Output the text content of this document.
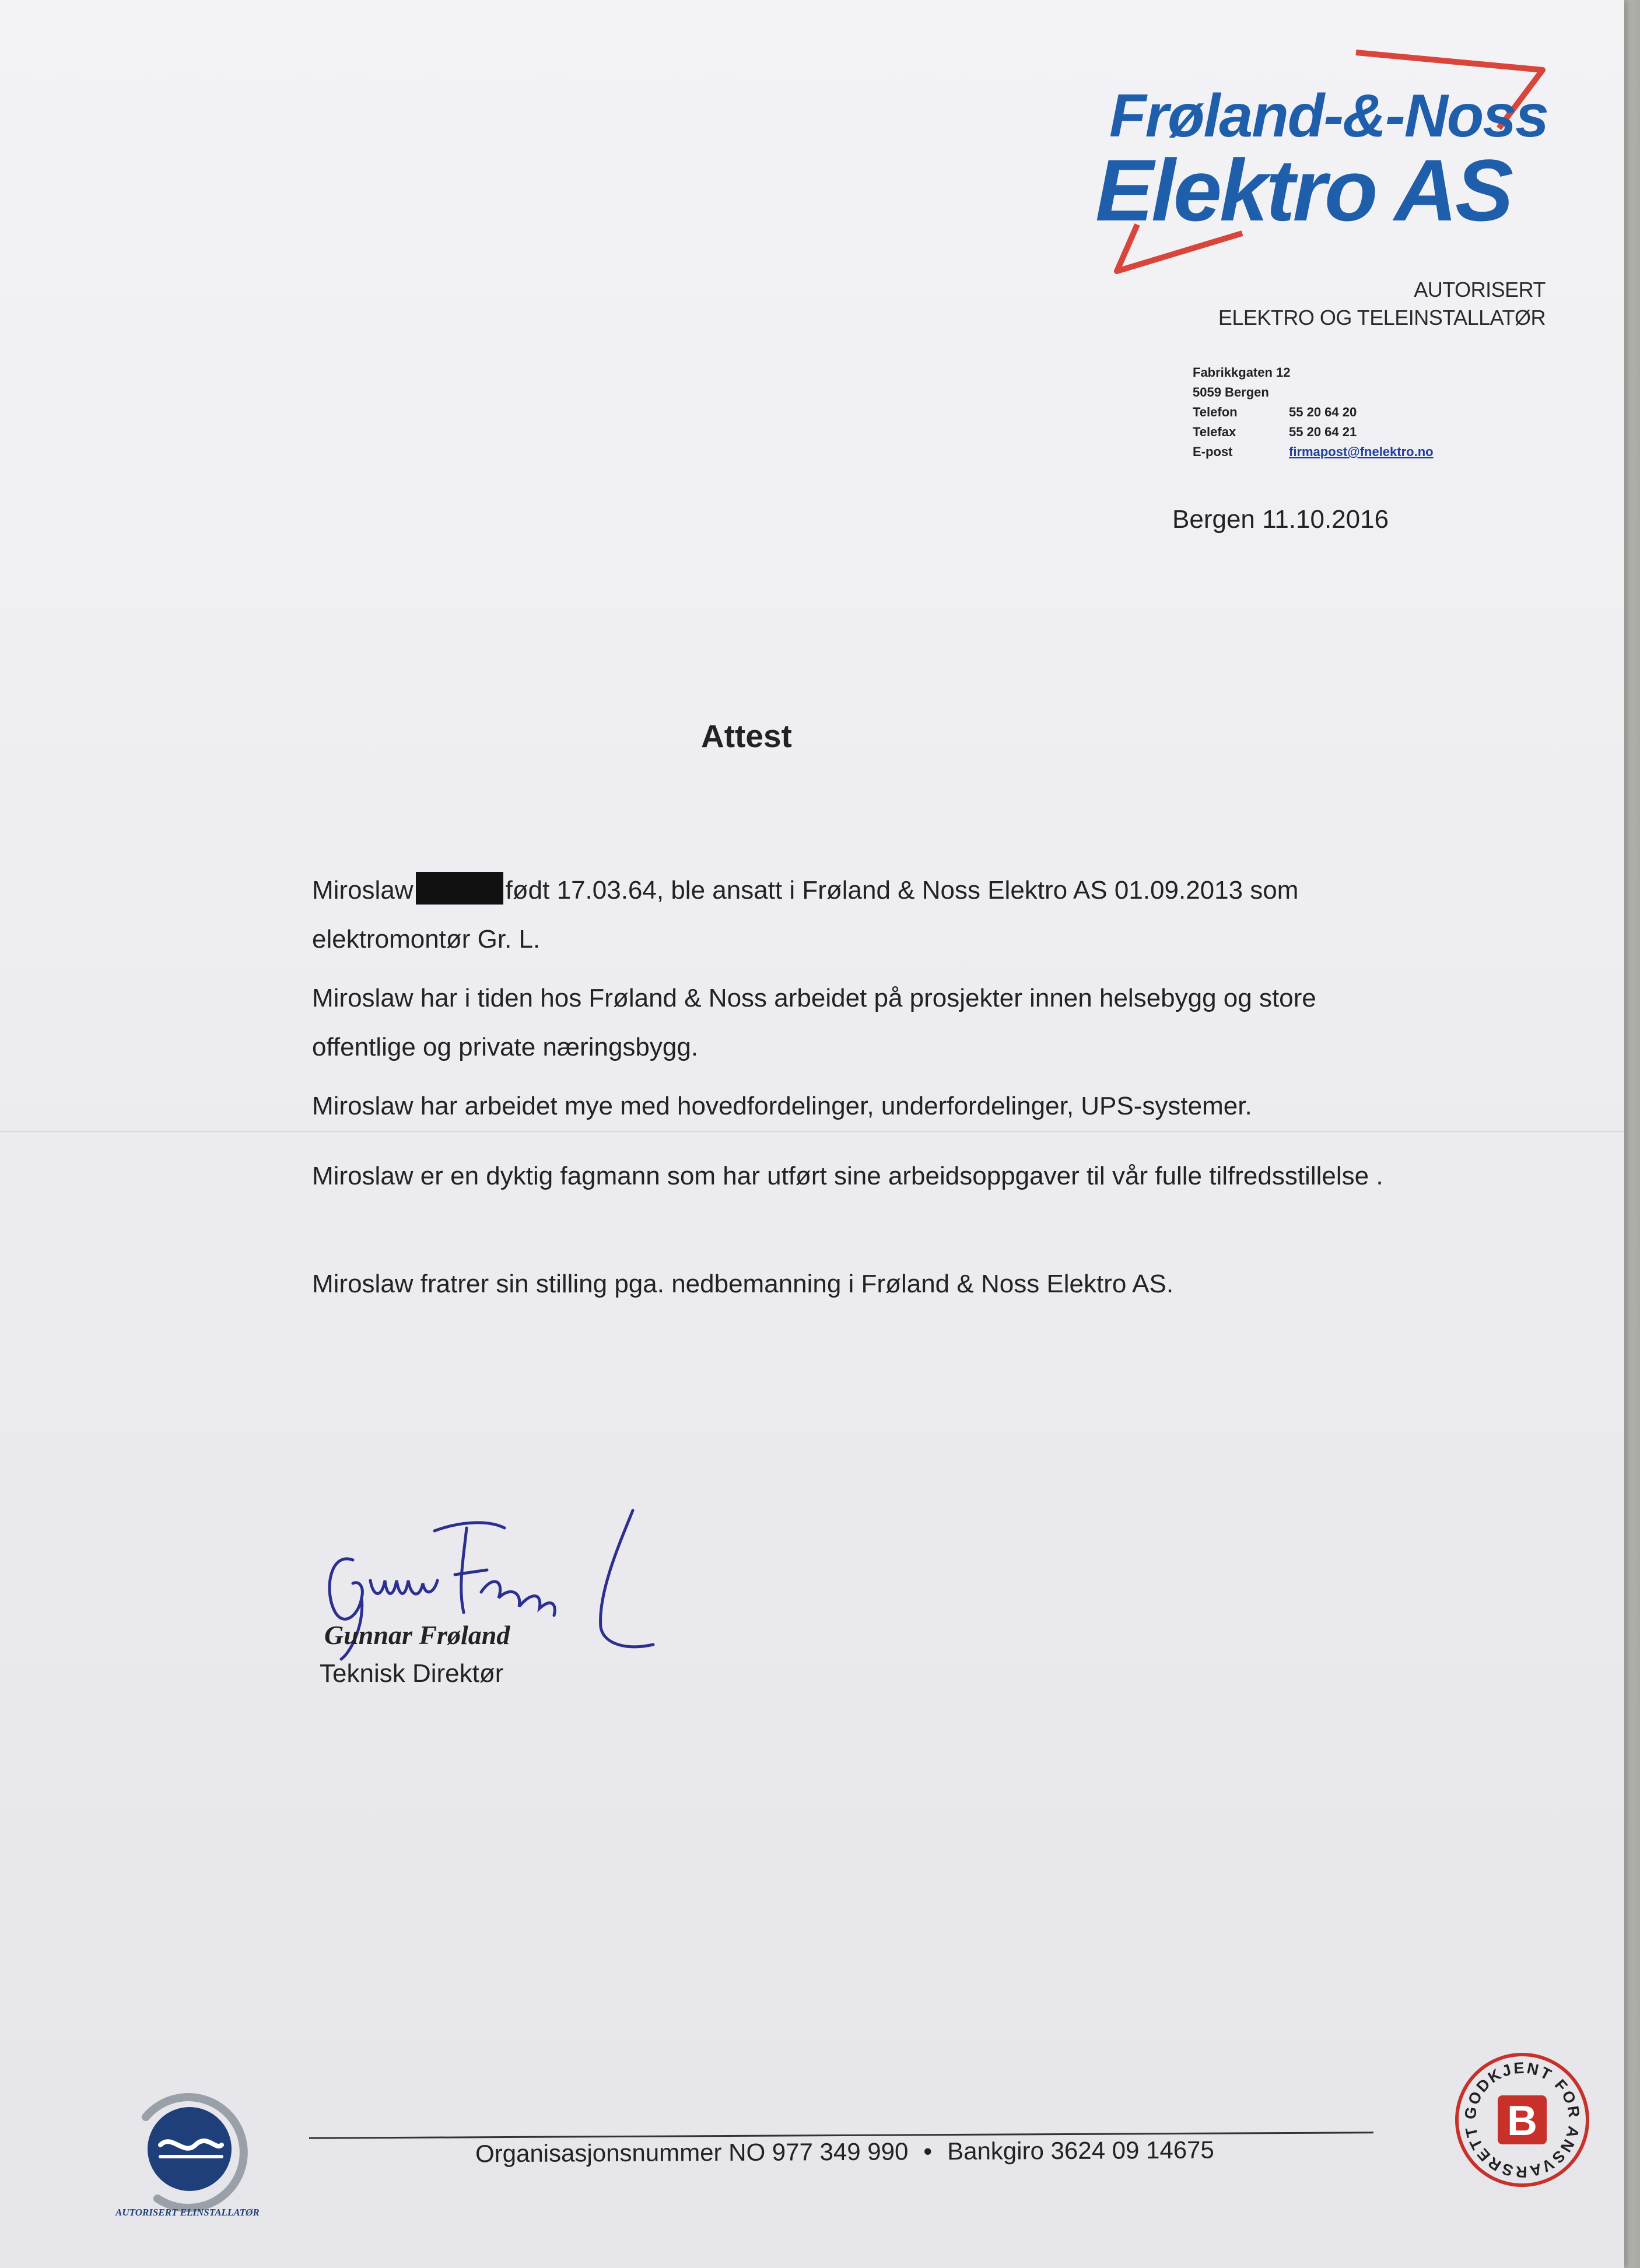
Frøland-&-Noss

Elektro AS

AUTORISERT

ELEKTRO OG TELEINSTALLATØR

Fabrikkgaten 12
5059 Bergen
Telefon	55 20 64 20
Telefax	55 20 64 21
E-post	firmapost@fnelektro.no

Bergen 11.10.2016

Attest

Miroslaw	født 17.03.64, ble ansatt i Frøland & Noss Elektro AS 01.09.2013 som elektromontør Gr. L.

Miroslaw har i tiden hos Frøland & Noss arbeidet på prosjekter innen helsebygg og store offentlige og private næringsbygg.

Miroslaw har arbeidet mye med hovedfordelinger, underfordelinger, UPS-systemer.

Miroslaw er en dyktig fagmann som har utført sine arbeidsoppgaver til vår fulle tilfredsstillelse .

Miroslaw fratrer sin stilling pga. nedbemanning i Frøland & Noss Elektro AS.

Gunnar Frøland

Teknisk Direktør

AUTORISERT ELINSTALLATØR

Organisasjonsnummer NO 977 349 990 • Bankgiro 3624 09 14675

GODKJENT FOR ANSVARSRETT B
